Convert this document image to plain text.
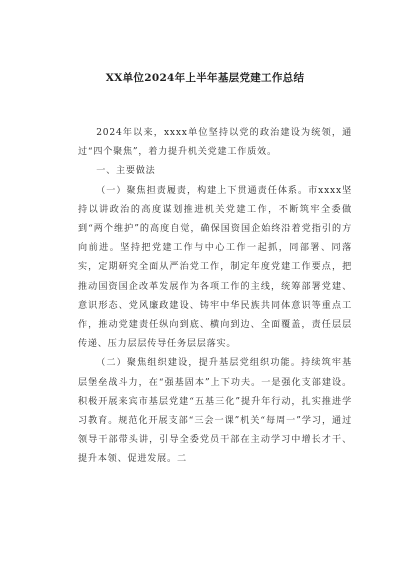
XX单位2024年上半年基层党建工作总结

2024年以来，xxxx单位坚持以党的政治建设为统领，通过“四个聚焦”，着力提升机关党建工作质效。

一、主要做法

（一）聚焦担责履责，构建上下贯通责任体系。市xxxx坚持以讲政治的高度谋划推进机关党建工作，不断筑牢全委做到“两个维护”的高度自觉，确保国资国企始终沿着党指引的方向前进。坚持把党建工作与中心工作一起抓，同部署、同落实，定期研究全面从严治党工作，制定年度党建工作要点，把推动国资国企改革发展作为各项工作的主线，统筹部署党建、意识形态、党风廉政建设、铸牢中华民族共同体意识等重点工作，推动党建责任纵向到底、横向到边、全面覆盖，责任层层传递、压力层层传导任务层层落实。

（二）聚焦组织建设，提升基层党组织功能。持续筑牢基层堡垒战斗力，在“强基固本”上下功夫。一是强化支部建设。积极开展来宾市基层党建“五基三化”提升年行动，扎实推进学习教育。规范化开展支部“三会一课”机关“每周一”学习，通过领导干部带头讲，引导全委党员干部在主动学习中增长才干、提升本领、促进发展。二
